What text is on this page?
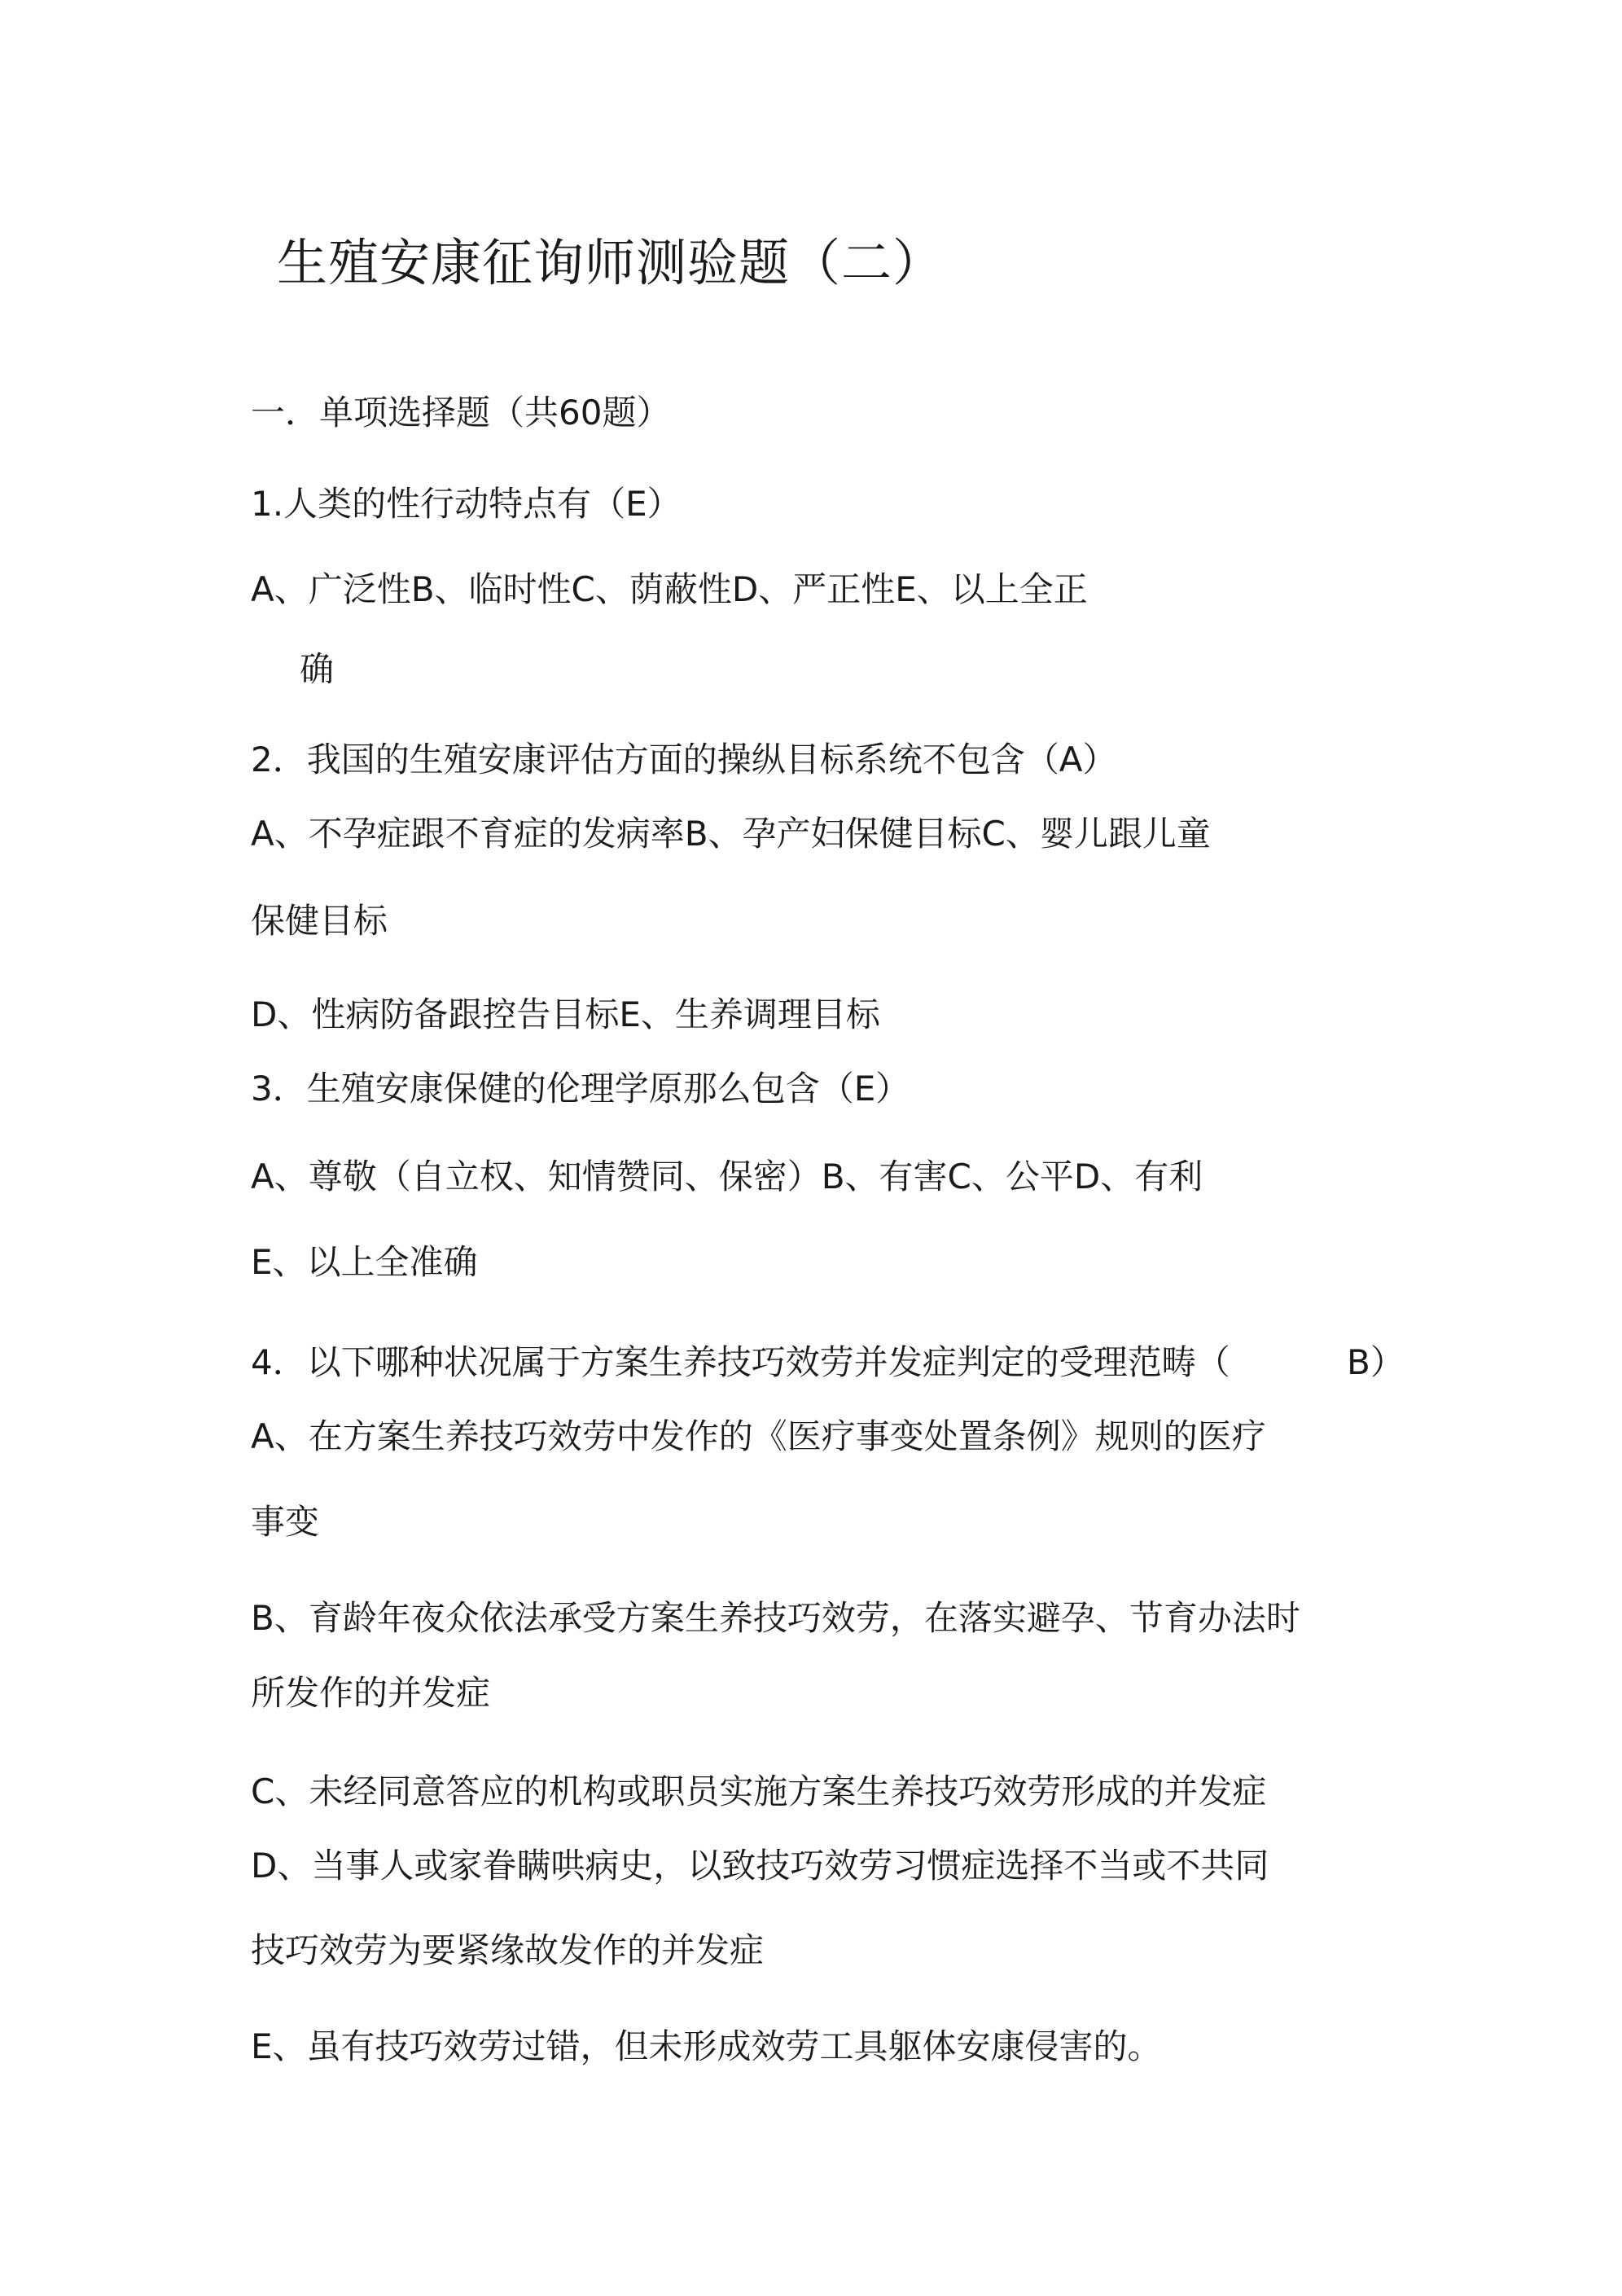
生殖安康征询师测验题（二）
一．单项选择题（共60题）
1.人类的性行动特点有（E）
A、广泛性B、临时性C、荫蔽性D、严正性E、以上全正
确
2．我国的生殖安康评估方面的操纵目标系统不包含（A）
A、不孕症跟不育症的发病率B、孕产妇保健目标C、婴儿跟儿童
保健目标
D、性病防备跟控告目标E、生养调理目标
3．生殖安康保健的伦理学原那么包含（E）
A、尊敬（自立权、知情赞同、保密）B、有害C、公平D、有利
E、以上全准确
4．以下哪种状况属于方案生养技巧效劳并发症判定的受理范畴（	B）
A、在方案生养技巧效劳中发作的《医疗事变处置条例》规则的医疗
事变
B、育龄年夜众依法承受方案生养技巧效劳，在落实避孕、节育办法时
所发作的并发症
C、未经同意答应的机构或职员实施方案生养技巧效劳形成的并发症
D、当事人或家眷瞒哄病史，以致技巧效劳习惯症选择不当或不共同
技巧效劳为要紧缘故发作的并发症
E、虽有技巧效劳过错，但未形成效劳工具躯体安康侵害的。
